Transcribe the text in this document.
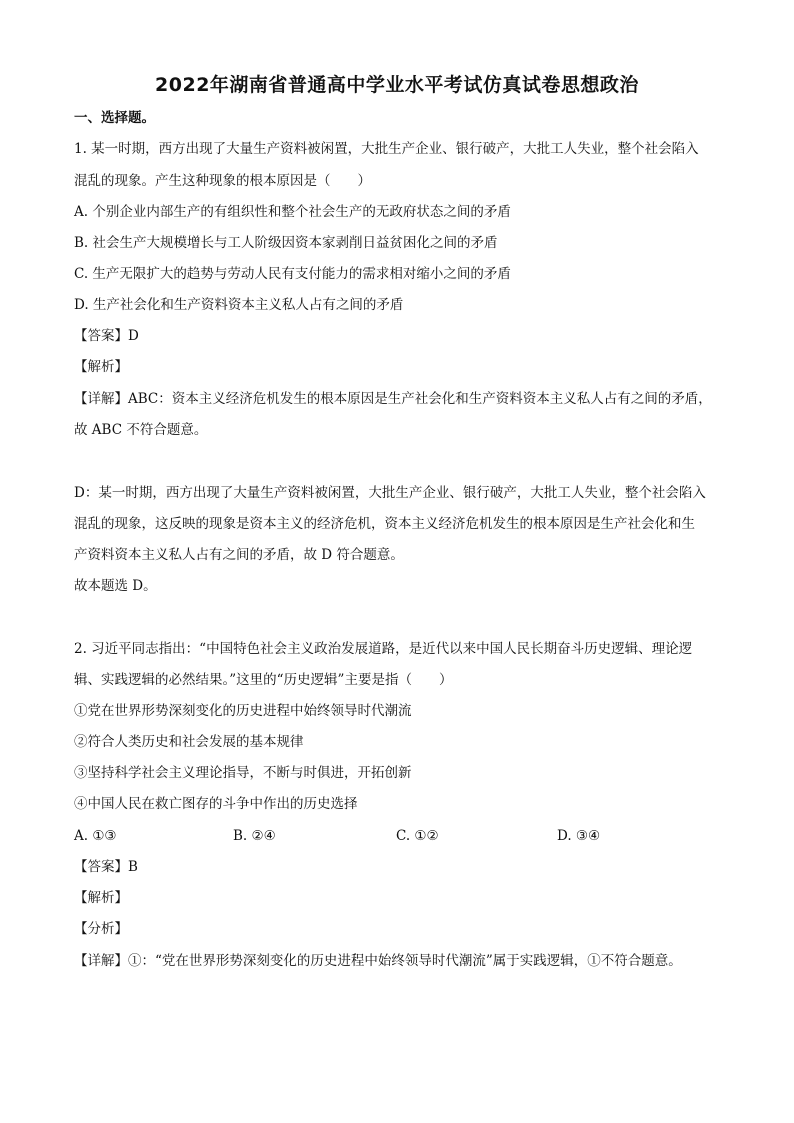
2022年湖南省普通高中学业水平考试仿真试卷思想政治
一、选择题。
1. 某一时期，西方出现了大量生产资料被闲置，大批生产企业、银行破产，大批工人失业，整个社会陷入
混乱的现象。产生这种现象的根本原因是（　　）
A. 个别企业内部生产的有组织性和整个社会生产的无政府状态之间的矛盾
B. 社会生产大规模增长与工人阶级因资本家剥削日益贫困化之间的矛盾
C. 生产无限扩大的趋势与劳动人民有支付能力的需求相对缩小之间的矛盾
D. 生产社会化和生产资料资本主义私人占有之间的矛盾
【答案】D
【解析】
【详解】ABC：资本主义经济危机发生的根本原因是生产社会化和生产资料资本主义私人占有之间的矛盾，
故 ABC 不符合题意。
D：某一时期，西方出现了大量生产资料被闲置，大批生产企业、银行破产，大批工人失业，整个社会陷入
混乱的现象，这反映的现象是资本主义的经济危机，资本主义经济危机发生的根本原因是生产社会化和生
产资料资本主义私人占有之间的矛盾，故 D 符合题意。
故本题选 D。
2. 习近平同志指出：“中国特色社会主义政治发展道路，是近代以来中国人民长期奋斗历史逻辑、理论逻
辑、实践逻辑的必然结果。”这里的“历史逻辑”主要是指（　　）
①党在世界形势深刻变化的历史进程中始终领导时代潮流
②符合人类历史和社会发展的基本规律
③坚持科学社会主义理论指导，不断与时俱进，开拓创新
④中国人民在救亡图存的斗争中作出的历史选择
A. ①③	B. ②④	C. ①②	D. ③④
【答案】B
【解析】
【分析】
【详解】①：“党在世界形势深刻变化的历史进程中始终领导时代潮流”属于实践逻辑，①不符合题意。
